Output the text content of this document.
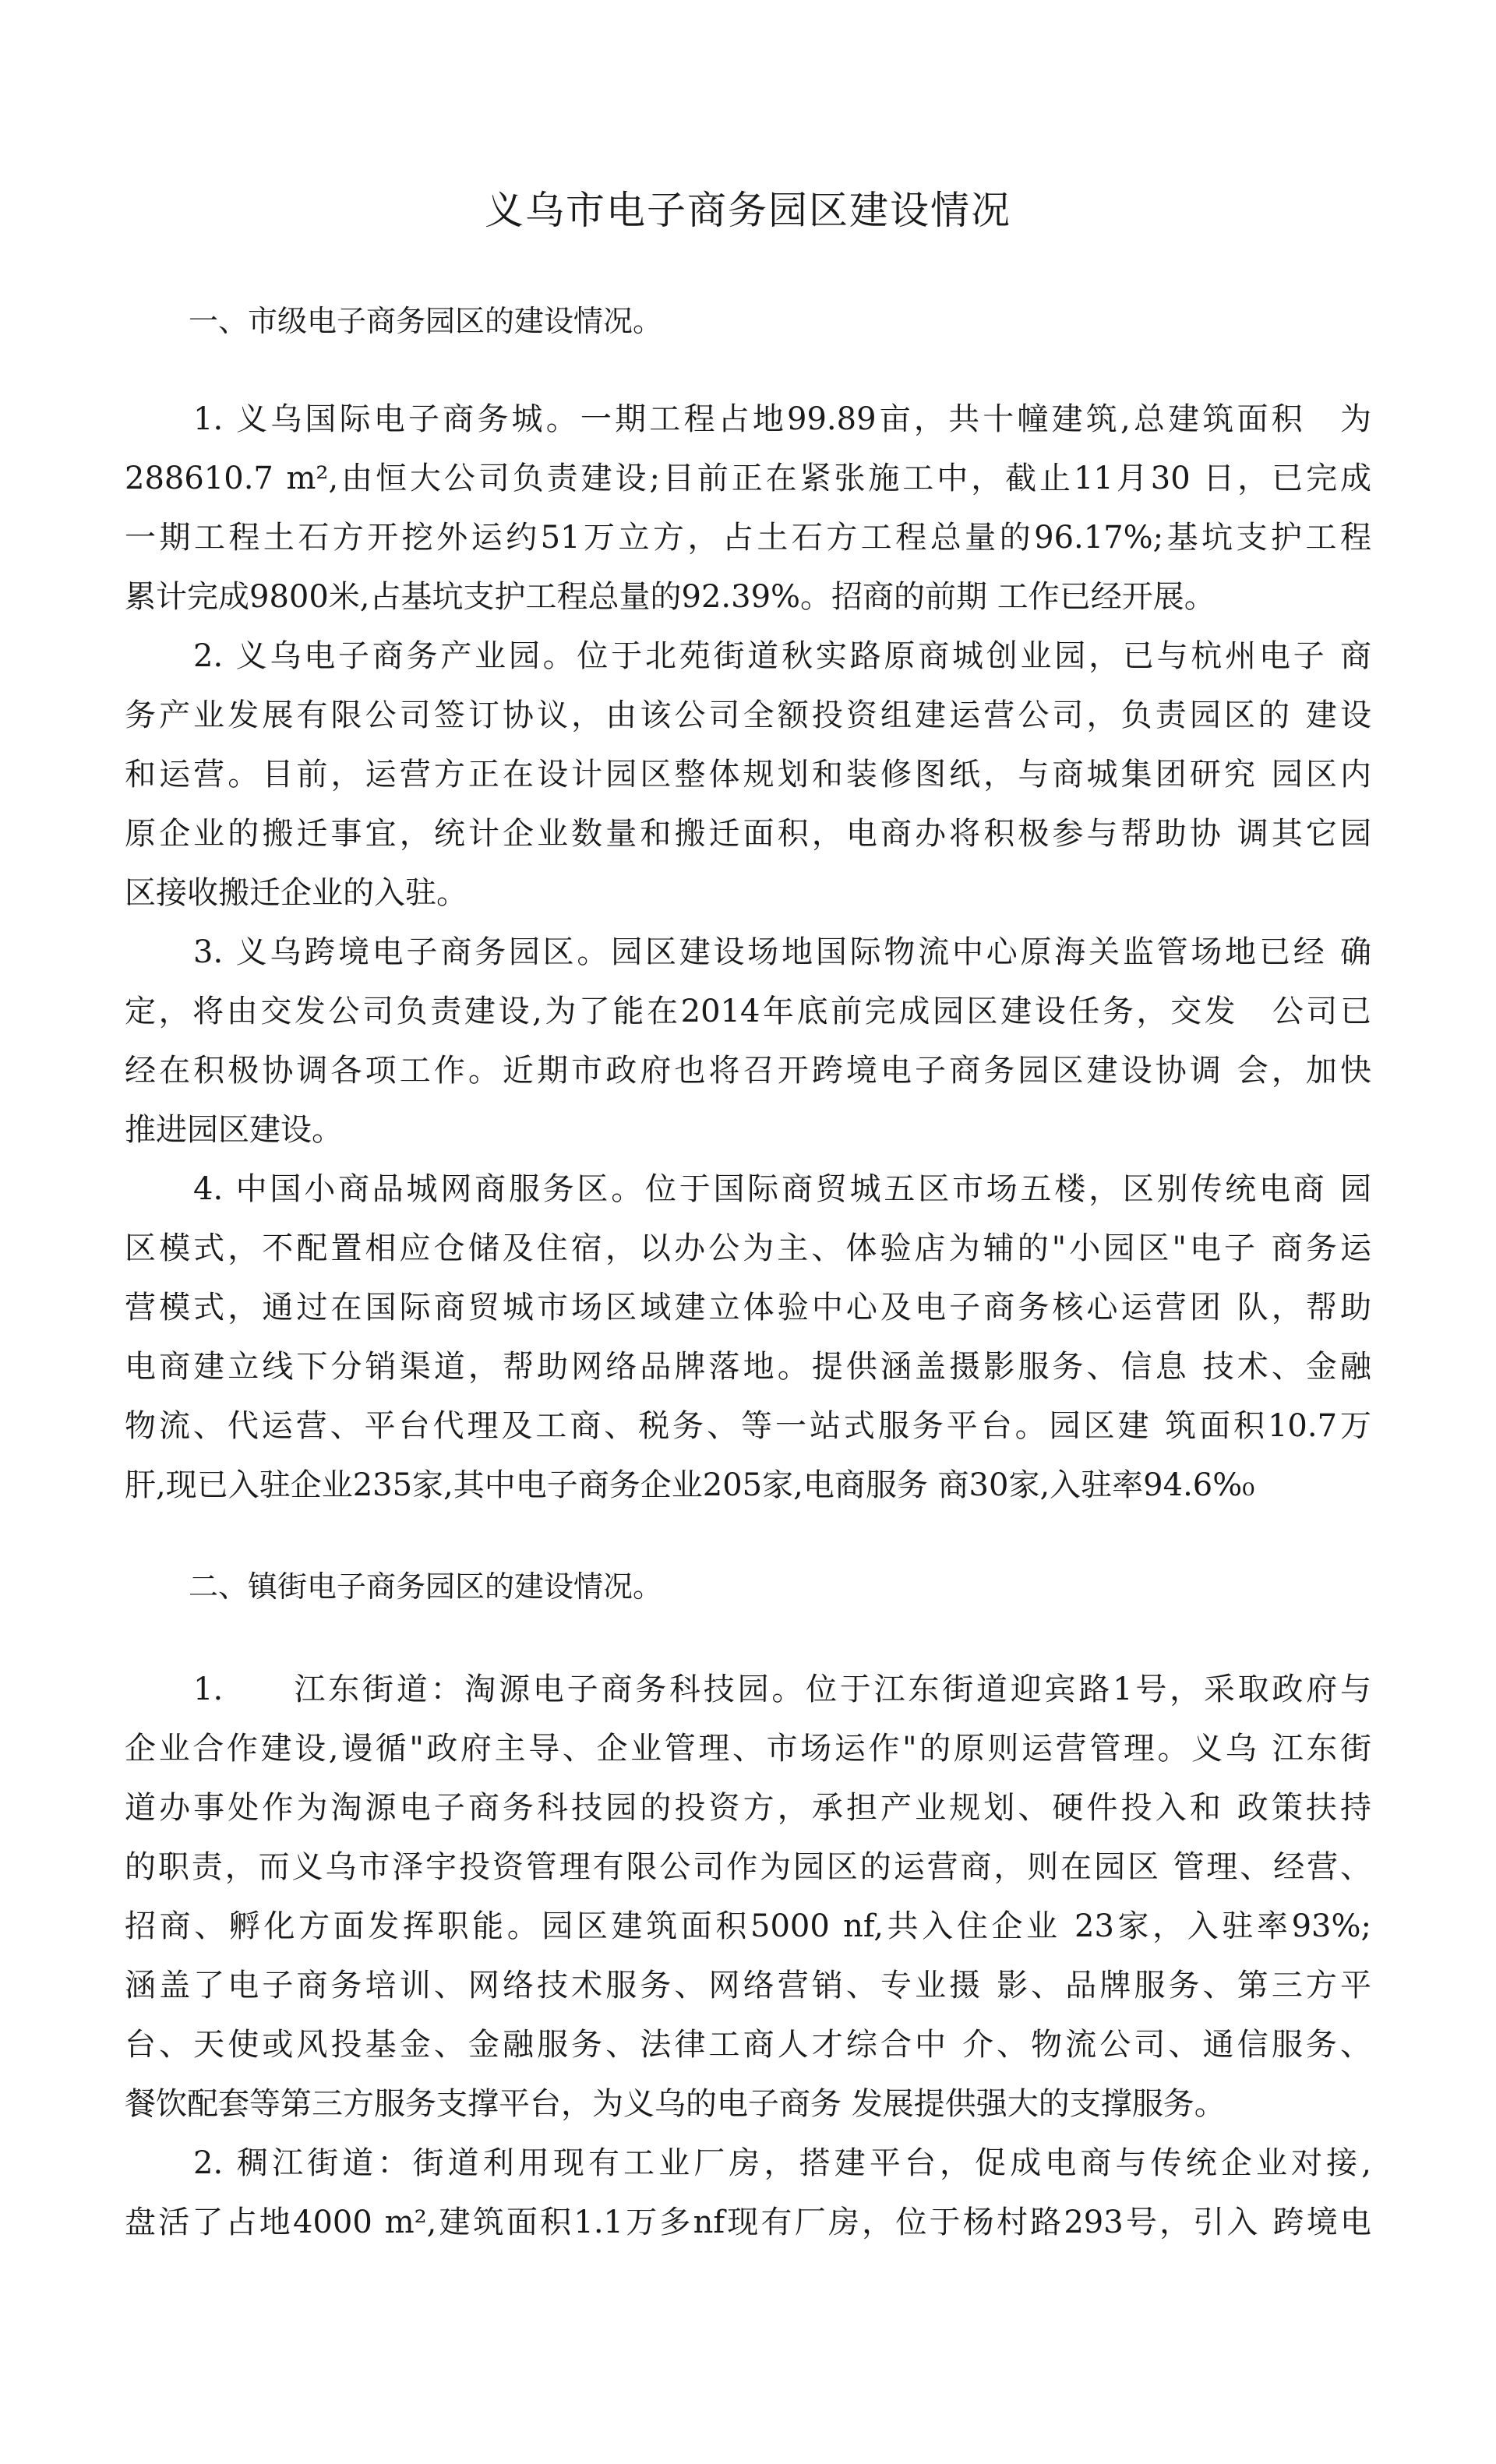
义乌市电子商务园区建设情况

一、市级电子商务园区的建设情况。

1. 义乌国际电子商务城。一期工程占地99.89亩，共十幢建筑,总建筑面积　为
288610.7 m²,由恒大公司负责建设;目前正在紧张施工中，截止11月30 日，已完成
一期工程土石方开挖外运约51万立方，占土石方工程总量的96.17%;基坑支护工程
累计完成9800米,占基坑支护工程总量的92.39%。招商的前期 工作已经开展。
2. 义乌电子商务产业园。位于北苑街道秋实路原商城创业园，已与杭州电子 商
务产业发展有限公司签订协议，由该公司全额投资组建运营公司，负责园区的 建设
和运营。目前，运营方正在设计园区整体规划和装修图纸，与商城集团研究 园区内
原企业的搬迁事宜，统计企业数量和搬迁面积，电商办将积极参与帮助协 调其它园
区接收搬迁企业的入驻。
3. 义乌跨境电子商务园区。园区建设场地国际物流中心原海关监管场地已经 确
定，将由交发公司负责建设,为了能在2014年底前完成园区建设任务，交发　公司已
经在积极协调各项工作。近期市政府也将召开跨境电子商务园区建设协调 会，加快
推进园区建设。
4. 中国小商品城网商服务区。位于国际商贸城五区市场五楼，区别传统电商 园
区模式，不配置相应仓储及住宿，以办公为主、体验店为辅的"小园区"电子 商务运
营模式，通过在国际商贸城市场区域建立体验中心及电子商务核心运营团 队，帮助
电商建立线下分销渠道，帮助网络品牌落地。提供涵盖摄影服务、信息 技术、金融
物流、代运营、平台代理及工商、税务、等一站式服务平台。园区建 筑面积10.7万
肝,现已入驻企业235家,其中电子商务企业205家,电商服务 商30家,入驻率94.6%₀

二、镇街电子商务园区的建设情况。

1.　　江东街道：淘源电子商务科技园。位于江东街道迎宾路1号，采取政府与
企业合作建设,谩循"政府主导、企业管理、市场运作"的原则运营管理。义乌 江东街
道办事处作为淘源电子商务科技园的投资方，承担产业规划、硬件投入和 政策扶持
的职责，而义乌市泽宇投资管理有限公司作为园区的运营商，则在园区 管理、经营、
招商、孵化方面发挥职能。园区建筑面积5000 nf,共入住企业 23家，入驻率93%;
涵盖了电子商务培训、网络技术服务、网络营销、专业摄 影、品牌服务、第三方平
台、天使或风投基金、金融服务、法律工商人才综合中 介、物流公司、通信服务、
餐饮配套等第三方服务支撑平台，为义乌的电子商务 发展提供强大的支撑服务。
2. 稠江街道：街道利用现有工业厂房，搭建平台，促成电商与传统企业对接,
盘活了占地4000 m²,建筑面积1.1万多nf现有厂房，位于杨村路293号，引入 跨境电
